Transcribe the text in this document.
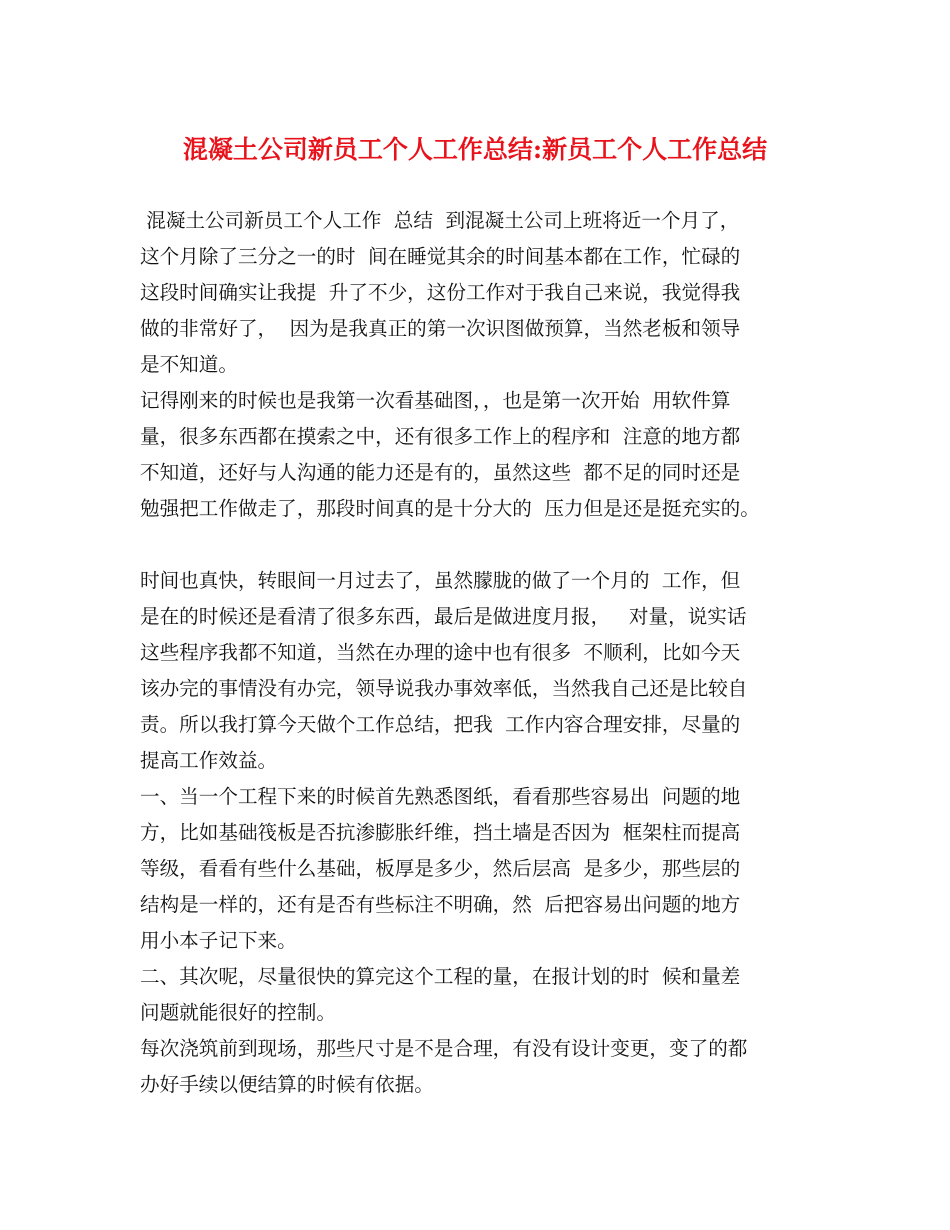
混凝土公司新员工个人工作总结:新员工个人工作总结
混凝土公司新员工个人工作  总结  到混凝土公司上班将近一个月了，
这个月除了三分之一的时  间在睡觉其余的时间基本都在工作，忙碌的
这段时间确实让我提  升了不少，这份工作对于我自己来说，我觉得我
做的非常好了，  因为是我真正的第一次识图做预算，当然老板和领导
是不知道。
记得刚来的时候也是我第一次看基础图，，也是第一次开始  用软件算
量，很多东西都在摸索之中，还有很多工作上的程序和  注意的地方都
不知道，还好与人沟通的能力还是有的，虽然这些  都不足的同时还是
勉强把工作做走了，那段时间真的是十分大的  压力但是还是挺充实的。
时间也真快，转眼间一月过去了，虽然朦胧的做了一个月的  工作，但
是在的时候还是看清了很多东西，最后是做进度月报，   对量，说实话
这些程序我都不知道，当然在办理的途中也有很多  不顺利，比如今天
该办完的事情没有办完，领导说我办事效率低，当然我自己还是比较自
责。所以我打算今天做个工作总结，把我  工作内容合理安排，尽量的
提高工作效益。
一、当一个工程下来的时候首先熟悉图纸，看看那些容易出  问题的地
方，比如基础筏板是否抗渗膨胀纤维，挡土墙是否因为  框架柱而提高
等级，看看有些什么基础，板厚是多少，然后层高  是多少，那些层的
结构是一样的，还有是否有些标注不明确，然  后把容易出问题的地方
用小本子记下来。
二、其次呢，尽量很快的算完这个工程的量，在报计划的时  候和量差
问题就能很好的控制。
每次浇筑前到现场，那些尺寸是不是合理，有没有设计变更，变了的都
办好手续以便结算的时候有依据。
